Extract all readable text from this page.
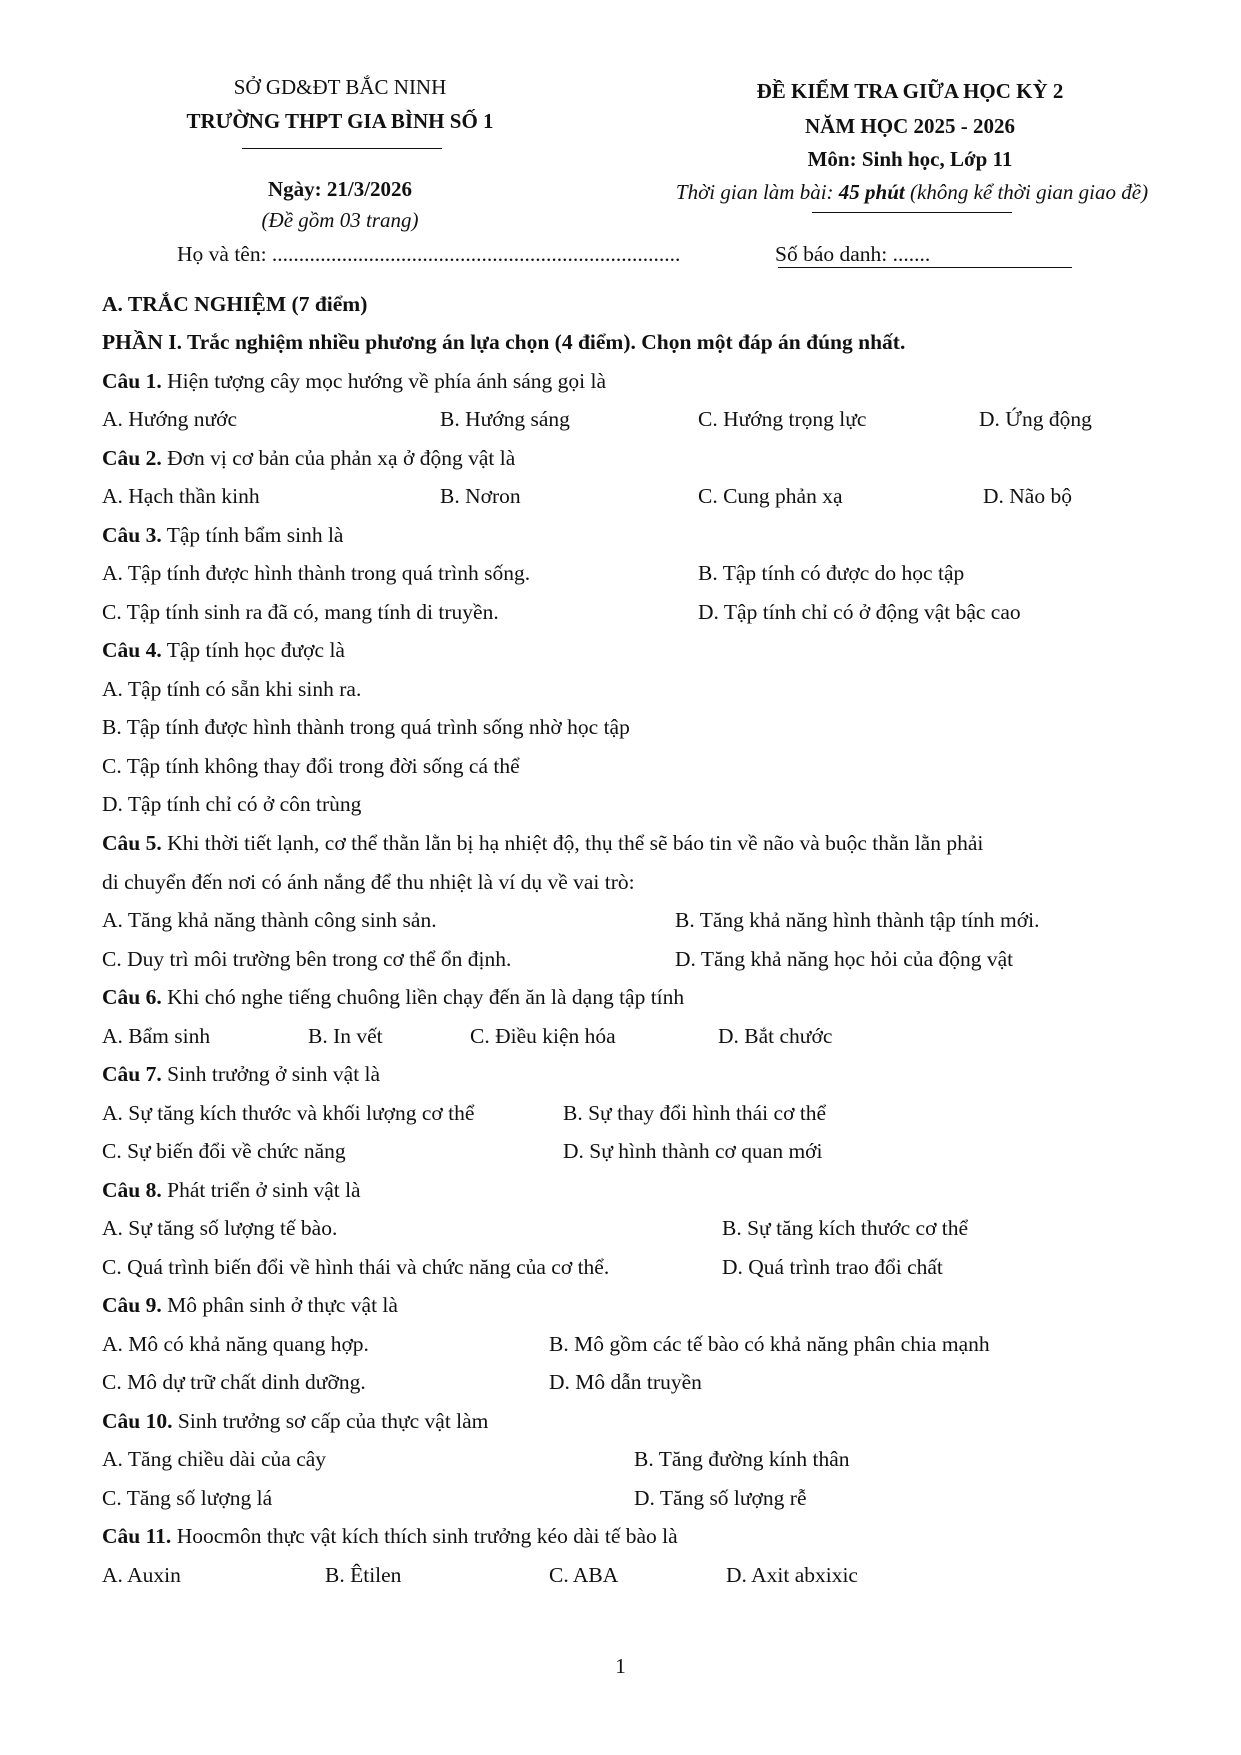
SỞ GD&ĐT BẮC NINH
TRƯỜNG THPT GIA BÌNH SỐ 1
Ngày: 21/3/2026
(Đề gồm 03 trang)
ĐỀ KIỂM TRA GIỮA HỌC KỲ 2
NĂM HỌC 2025 - 2026
Môn: Sinh học, Lớp 11
Thời gian làm bài: 45 phút (không kể thời gian giao đề)
Họ và tên: ............................................................................	Số báo danh: .......
A. TRẮC NGHIỆM (7 điểm)
PHẦN I. Trắc nghiệm nhiều phương án lựa chọn (4 điểm). Chọn một đáp án đúng nhất.
Câu 1. Hiện tượng cây mọc hướng về phía ánh sáng gọi là
A. Hướng nước	B. Hướng sáng	C. Hướng trọng lực	D. Ứng động
Câu 2. Đơn vị cơ bản của phản xạ ở động vật là
A. Hạch thần kinh	B. Nơron	C. Cung phản xạ	D. Não bộ
Câu 3. Tập tính bẩm sinh là
A. Tập tính được hình thành trong quá trình sống.	B. Tập tính có được do học tập
C. Tập tính sinh ra đã có, mang tính di truyền.	D. Tập tính chỉ có ở động vật bậc cao
Câu 4. Tập tính học được là
A. Tập tính có sẵn khi sinh ra.
B. Tập tính được hình thành trong quá trình sống nhờ học tập
C. Tập tính không thay đổi trong đời sống cá thể
D. Tập tính chỉ có ở côn trùng
Câu 5. Khi thời tiết lạnh, cơ thể thằn lằn bị hạ nhiệt độ, thụ thể sẽ báo tin về não và buộc thằn lằn phải
di chuyển đến nơi có ánh nắng để thu nhiệt là ví dụ về vai trò:
A. Tăng khả năng thành công sinh sản.	B. Tăng khả năng hình thành tập tính mới.
C. Duy trì môi trường bên trong cơ thể ổn định.	D. Tăng khả năng học hỏi của động vật
Câu 6. Khi chó nghe tiếng chuông liền chạy đến ăn là dạng tập tính
A. Bẩm sinh	B. In vết	C. Điều kiện hóa	D. Bắt chước
Câu 7. Sinh trưởng ở sinh vật là
A. Sự tăng kích thước và khối lượng cơ thể	B. Sự thay đổi hình thái cơ thể
C. Sự biến đổi về chức năng	D. Sự hình thành cơ quan mới
Câu 8. Phát triển ở sinh vật là
A. Sự tăng số lượng tế bào.	B. Sự tăng kích thước cơ thể
C. Quá trình biến đổi về hình thái và chức năng của cơ thể.	D. Quá trình trao đổi chất
Câu 9. Mô phân sinh ở thực vật là
A. Mô có khả năng quang hợp.	B. Mô gồm các tế bào có khả năng phân chia mạnh
C. Mô dự trữ chất dinh dưỡng.	D. Mô dẫn truyền
Câu 10. Sinh trưởng sơ cấp của thực vật làm
A. Tăng chiều dài của cây	B. Tăng đường kính thân
C. Tăng số lượng lá	D. Tăng số lượng rễ
Câu 11. Hoocmôn thực vật kích thích sinh trưởng kéo dài tế bào là
A. Auxin	B. Êtilen	C. ABA	D. Axit abxixic
1
